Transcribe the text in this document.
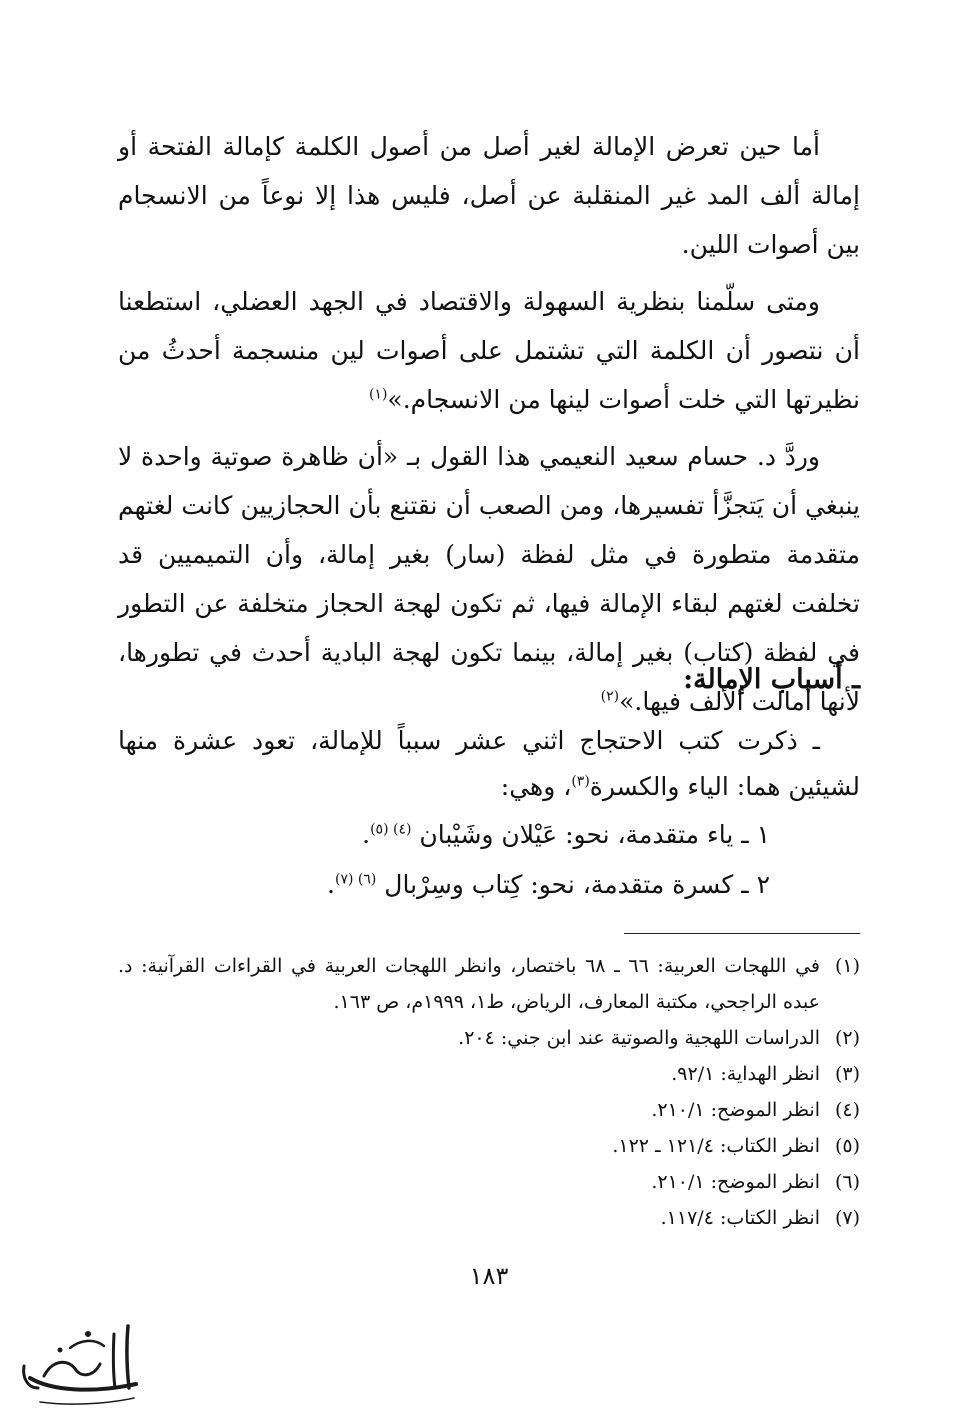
أما حين تعرض الإمالة لغير أصل من أصول الكلمة كإمالة الفتحة أو إمالة ألف المد غير المنقلبة عن أصل، فليس هذا إلا نوعاً من الانسجام بين أصوات اللين.

ومتى سلّمنا بنظرية السهولة والاقتصاد في الجهد العضلي، استطعنا أن نتصور أن الكلمة التي تشتمل على أصوات لين منسجمة أحدثُ من نظيرتها التي خلت أصوات لينها من الانسجام.»$^{(١)}$

وردَّ د. حسام سعيد النعيمي هذا القول بـ «أن ظاهرة صوتية واحدة لا ينبغي أن يَتجزَّأ تفسيرها، ومن الصعب أن نقتنع بأن الحجازيين كانت لغتهم متقدمة متطورة في مثل لفظة (سار) بغير إمالة، وأن التميميين قد تخلفت لغتهم لبقاء الإمالة فيها، ثم تكون لهجة الحجاز متخلفة عن التطور في لفظة (كتاب) بغير إمالة، بينما تكون لهجة البادية أحدث في تطورها، لأنها أمالت الألف فيها.»$^{(٢)}$

ـ أسباب الإمالة:

ـ ذكرت كتب الاحتجاج اثني عشر سبباً للإمالة، تعود عشرة منها لشيئين هما: الياء والكسرة$^{(٣)}$، وهي:

١ ـ ياء متقدمة، نحو: عَيْلان وشَيْبان $^{(٤) (٥)}$.
٢ ـ كسرة متقدمة، نحو: كِتاب وسِرْبال $^{(٦) (٧)}$.
(١)
في اللهجات العربية: ٦٦ ـ ٦٨ باختصار، وانظر اللهجات العربية في القراءات القرآنية: د. عبده الراجحي، مكتبة المعارف، الرياض، ط١، ١٩٩٩م، ص ١٦٣.
(٢)
الدراسات اللهجية والصوتية عند ابن جني: ٢٠٤.
(٣)
انظر الهداية: ٩٢/١.
(٤)
انظر الموضح: ٢١٠/١.
(٥)
انظر الكتاب: ١٢١/٤ ـ ١٢٢.
(٦)
انظر الموضح: ٢١٠/١.
(٧)
انظر الكتاب: ١١٧/٤.
١٨٣
